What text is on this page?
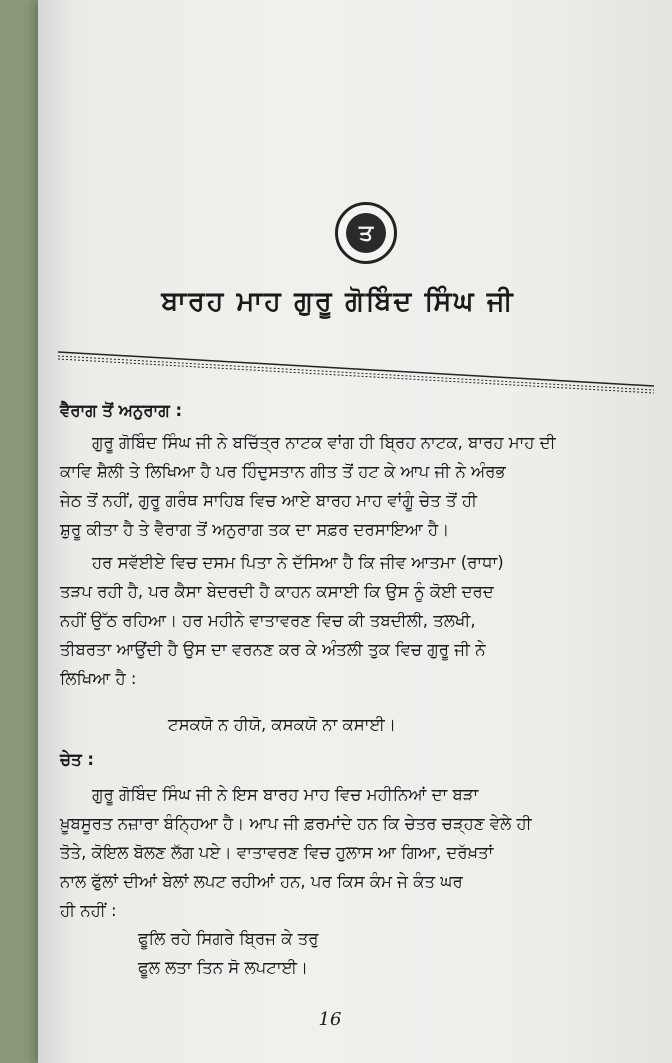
ਤ
ਬਾਰਹ ਮਾਹ ਗੁਰੂ ਗੋਬਿੰਦ ਸਿੰਘ ਜੀ
ਵੈਰਾਗ ਤੋਂ ਅਨੁਰਾਗ :
ਗੁਰੂ ਗੋਬਿੰਦ ਸਿੰਘ ਜੀ ਨੇ ਬਚਿੱਤ੍ਰ ਨਾਟਕ ਵਾਂਗ ਹੀ ਬ੍ਰਿਹ ਨਾਟਕ, ਬਾਰਹ ਮਾਹ ਦੀ
ਕਾਵਿ ਸ਼ੈਲੀ ਤੇ ਲਿਖਿਆ ਹੈ ਪਰ ਹਿੰਦੁਸਤਾਨ ਗੀਤ ਤੋਂ ਹਟ ਕੇ ਆਪ ਜੀ ਨੇ ਅੰਰਭ
ਜੇਠ ਤੋਂ ਨਹੀਂ, ਗੁਰੂ ਗਰੰਥ ਸਾਹਿਬ ਵਿਚ ਆਏ ਬਾਰਹ ਮਾਹ ਵਾਂਗੂੰ ਚੇਤ ਤੋਂ ਹੀ
ਸ਼ੁਰੂ ਕੀਤਾ ਹੈ ਤੇ ਵੈਰਾਗ ਤੋਂ ਅਨੁਰਾਗ ਤਕ ਦਾ ਸਫ਼ਰ ਦਰਸਾਇਆ ਹੈ।
ਹਰ ਸਵੱਈਏ ਵਿਚ ਦਸਮ ਪਿਤਾ ਨੇ ਦੱਸਿਆ ਹੈ ਕਿ ਜੀਵ ਆਤਮਾ (ਰਾਧਾ)
ਤੜਪ ਰਹੀ ਹੈ, ਪਰ ਕੈਸਾ ਬੇਦਰਦੀ ਹੈ ਕਾਹਨ ਕਸਾਈ ਕਿ ਉਸ ਨੂੰ ਕੋਈ ਦਰਦ
ਨਹੀਂ ਉੱਠ ਰਹਿਆ। ਹਰ ਮਹੀਨੇ ਵਾਤਾਵਰਣ ਵਿਚ ਕੀ ਤਬਦੀਲੀ, ਤਲਖੀ,
ਤੀਬਰਤਾ ਆਉਂਦੀ ਹੈ ਉਸ ਦਾ ਵਰਨਣ ਕਰ ਕੇ ਅੰਤਲੀ ਤੁਕ ਵਿਚ ਗੁਰੂ ਜੀ ਨੇ
ਲਿਖਿਆ ਹੈ :
ਟਸਕਯੋ ਨ ਹੀਯੋ, ਕਸਕਯੋ ਨਾ ਕਸਾਈ।
ਚੇਤ :
ਗੁਰੂ ਗੋਬਿੰਦ ਸਿੰਘ ਜੀ ਨੇ ਇਸ ਬਾਰਹ ਮਾਹ ਵਿਚ ਮਹੀਨਿਆਂ ਦਾ ਬੜਾ
ਖ਼ੂਬਸੂਰਤ ਨਜ਼ਾਰਾ ਬੰਨ੍ਹਿਆ ਹੈ। ਆਪ ਜੀ ਫ਼ਰਮਾਂਦੇ ਹਨ ਕਿ ਚੇਤਰ ਚੜ੍ਹਣ ਵੇਲੇ ਹੀ
ਤੋਤੇ, ਕੋਇਲ ਬੋਲਣ ਲੱਗ ਪਏ। ਵਾਤਾਵਰਣ ਵਿਚ ਹੁਲਾਸ ਆ ਗਿਆ, ਦਰੱਖ਼ਤਾਂ
ਨਾਲ ਫੁੱਲਾਂ ਦੀਆਂ ਬੇਲਾਂ ਲਪਟ ਰਹੀਆਂ ਹਨ, ਪਰ ਕਿਸ ਕੰਮ ਜੇ ਕੰਤ ਘਰ
ਹੀ ਨਹੀਂ :
ਫੂਲਿ ਰਹੇ ਸਿਗਰੇ ਬ੍ਰਿਜ ਕੇ ਤਰੁ
ਫੂਲ ਲਤਾ ਤਿਨ ਸੋ ਲਪਟਾਈ।
16
